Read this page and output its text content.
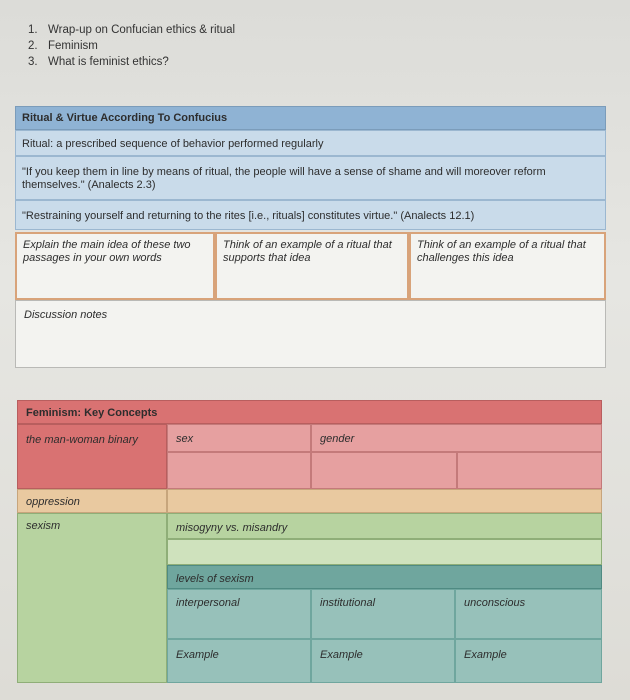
1. Wrap-up on Confucian ethics & ritual
2. Feminism
3. What is feminist ethics?
Ritual & Virtue According To Confucius
Ritual: a prescribed sequence of behavior performed regularly
"If you keep them in line by means of ritual, the people will have a sense of shame and will moreover reform themselves." (Analects 2.3)
"Restraining yourself and returning to the rites [i.e., rituals] constitutes virtue." (Analects 12.1)
Explain the main idea of these two passages in your own words
Think of an example of a ritual that supports that idea
Think of an example of a ritual that challenges this idea
Discussion notes
Feminism: Key Concepts
the man-woman binary	sex	gender
oppression
sexism	misogyny vs. misandry
levels of sexism
interpersonal	institutional	unconscious
Example	Example	Example
